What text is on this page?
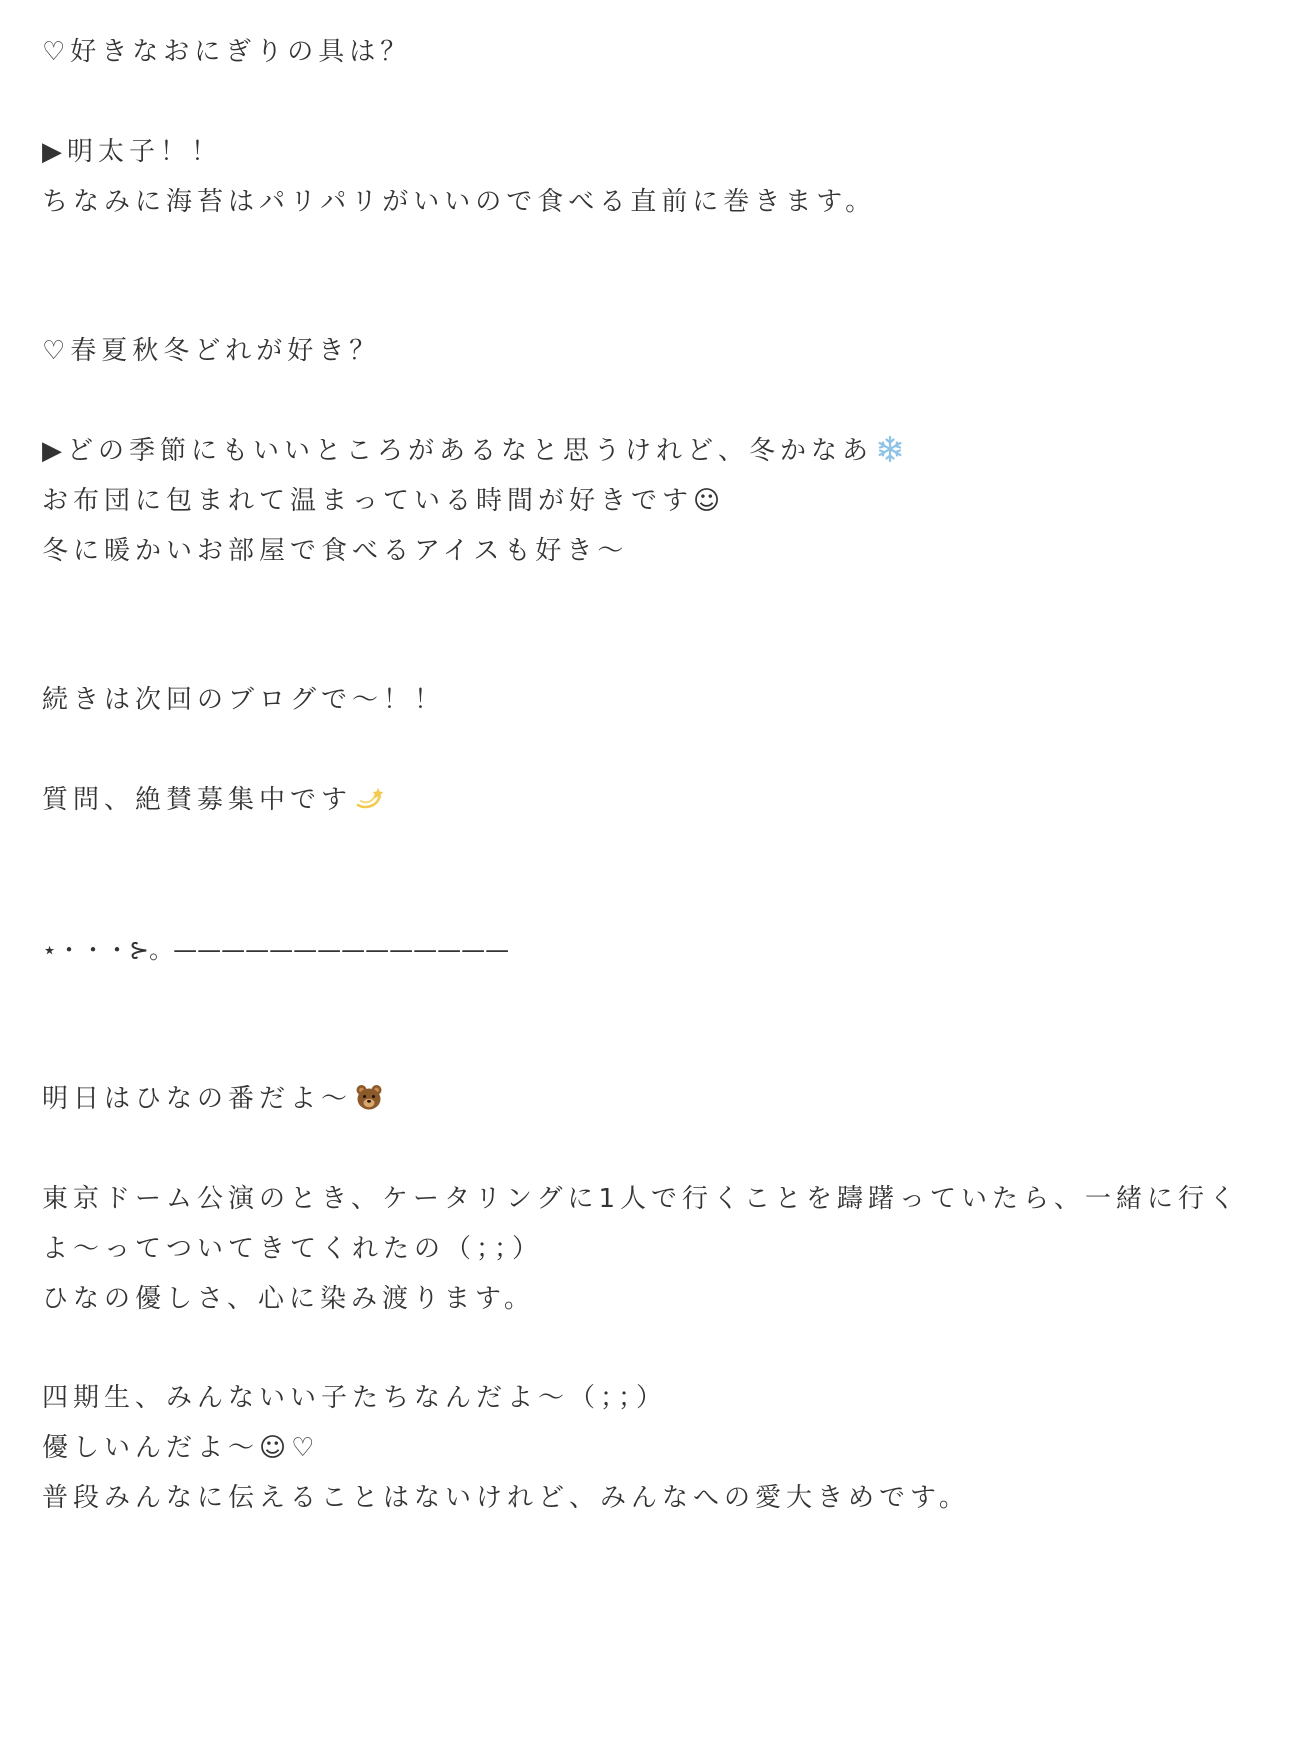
♡好きなおにぎりの具は？

▶明太子！！

ちなみに海苔はパリパリがいいので食べる直前に巻きます。

♡春夏秋冬どれが好き？

▶どの季節にもいいところがあるなと思うけれど、冬かなあ

お布団に包まれて温まっている時間が好きです☺︎

冬に暖かいお部屋で食べるアイスも好き〜

続きは次回のブログで〜！！

質問、絶賛募集中です

⋆・・・⊱。——————————————

明日はひなの番だよ〜

東京ドーム公演のとき、ケータリングに1人で行くことを躊躇っていたら、一緒に行く

よ〜ってついてきてくれたの（；；）

ひなの優しさ、心に染み渡ります。

四期生、みんないい子たちなんだよ〜（；；）

優しいんだよ〜☺︎♡

普段みんなに伝えることはないけれど、みんなへの愛大きめです。
